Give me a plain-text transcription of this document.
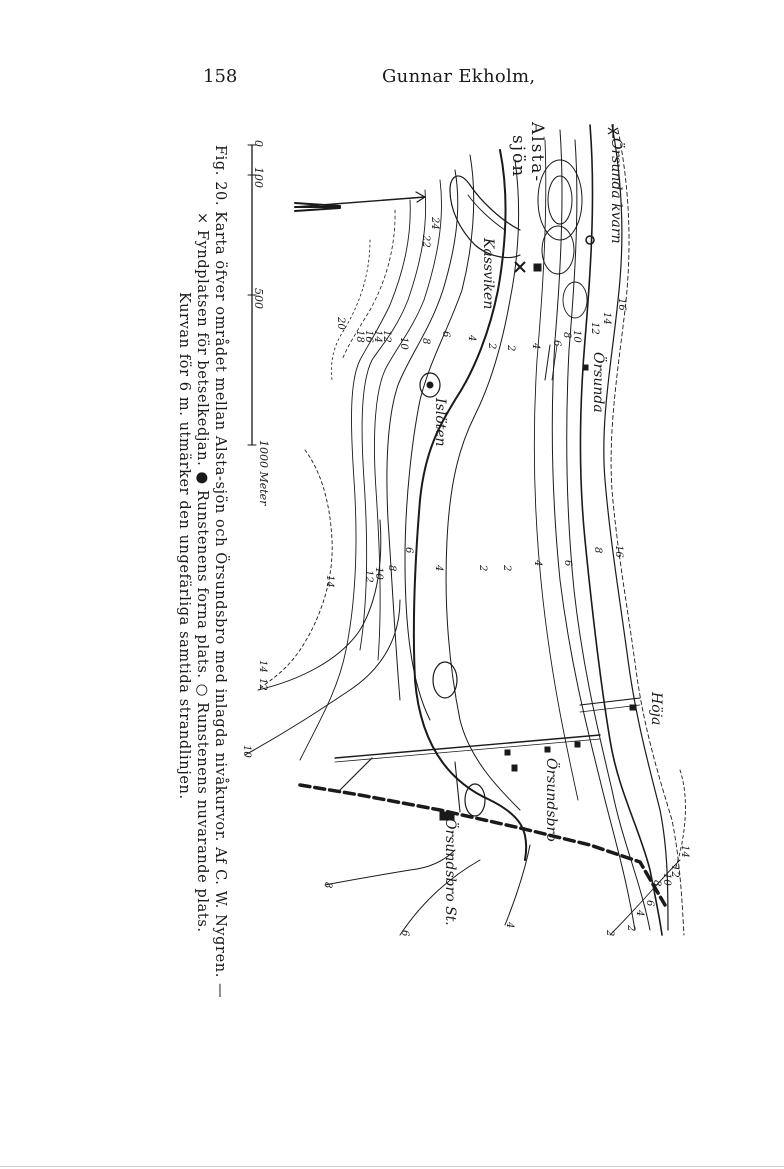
158	Gunnar Ekholm,
Örsunda kvarn
Alsta-
sjön
Örsunda
Kassviken
Islöten
Höja
Örsundsbro
Örsundsbro St.
16
14
12
10
8
6
4
2
2
4
6
8
10
12
14
16
18
20
22
24
16
8
6
4
2
2
4
6
8
10
12
14
14
12
10
14
12
10
8
6
4
2
2
4
6
8
0
100
500
1000 Meter
Fig. 20. Karta öfver området mellan Alsta-sjön och Örsundsbro med inlagda nivåkurvor. Af C. W. Nygren. —
× Fyndplatsen för betselkedjan. ● Runstenens forna plats. ○ Runstenens nuvarande plats.
Kurvan för 6 m. utmärker den ungefärliga samtida strandlinjen.
